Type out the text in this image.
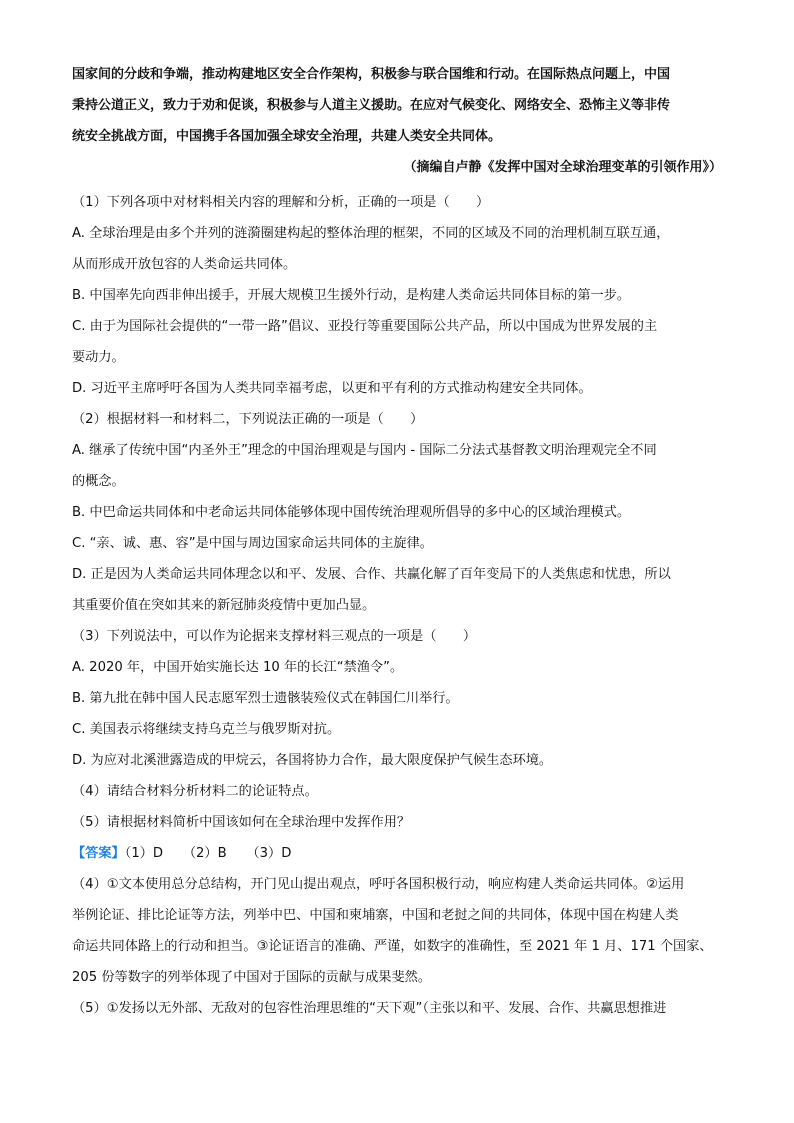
国家间的分歧和争端，推动构建地区安全合作架构，积极参与联合国维和行动。在国际热点问题上，中国

秉持公道正义，致力于劝和促谈，积极参与人道主义援助。在应对气候变化、网络安全、恐怖主义等非传

统安全挑战方面，中国携手各国加强全球安全治理，共建人类安全共同体。

（摘编自卢静《发挥中国对全球治理变革的引领作用》）
（1）下列各项中对材料相关内容的理解和分析，正确的一项是（　　）
A. 全球治理是由多个并列的涟漪圈建构起的整体治理的框架，不同的区域及不同的治理机制互联互通，
从而形成开放包容的人类命运共同体。
B. 中国率先向西非伸出援手，开展大规模卫生援外行动，是构建人类命运共同体目标的第一步。
C. 由于为国际社会提供的“一带一路”倡议、亚投行等重要国际公共产品，所以中国成为世界发展的主
要动力。
D. 习近平主席呼吁各国为人类共同幸福考虑，以更和平有利的方式推动构建安全共同体。
（2）根据材料一和材料二，下列说法正确的一项是（　　）
A. 继承了传统中国“内圣外王”理念的中国治理观是与国内 - 国际二分法式基督教文明治理观完全不同
的概念。
B. 中巴命运共同体和中老命运共同体能够体现中国传统治理观所倡导的多中心的区域治理模式。
C. “亲、诚、惠、容”是中国与周边国家命运共同体的主旋律。
D. 正是因为人类命运共同体理念以和平、发展、合作、共赢化解了百年变局下的人类焦虑和忧患，所以
其重要价值在突如其来的新冠肺炎疫情中更加凸显。
（3）下列说法中，可以作为论据来支撑材料三观点的一项是（　　）
A. 2020 年，中国开始实施长达 10 年的长江“禁渔令”。
B. 第九批在韩中国人民志愿军烈士遗骸装殓仪式在韩国仁川举行。
C. 美国表示将继续支持乌克兰与俄罗斯对抗。
D. 为应对北溪泄露造成的甲烷云，各国将协力合作，最大限度保护气候生态环境。
（4）请结合材料分析材料二的论证特点。
（5）请根据材料简析中国该如何在全球治理中发挥作用？
【答案】（1）D　　（2）B　　（3）D
（4）①文本使用总分总结构，开门见山提出观点，呼吁各国积极行动，响应构建人类命运共同体。②运用
举例论证、排比论证等方法，列举中巴、中国和柬埔寨，中国和老挝之间的共同体，体现中国在构建人类
命运共同体路上的行动和担当。③论证语言的准确、严谨，如数字的准确性，至 2021 年 1 月、171 个国家、
205 份等数字的列举体现了中国对于国际的贡献与成果斐然。
（5）①发扬以无外部、无敌对的包容性治理思维的“天下观”（主张以和平、发展、合作、共赢思想推进
